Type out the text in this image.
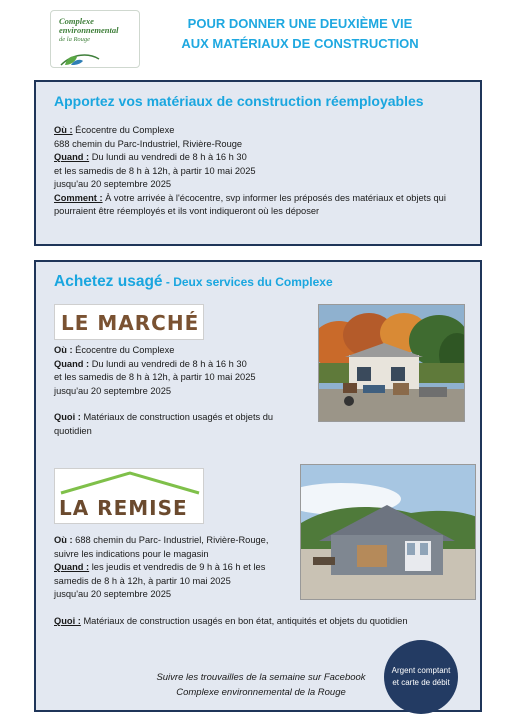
Complexe
environnemental
de la Rouge
POUR DONNER UNE DEUXIÈME VIE
AUX MATÉRIAUX DE CONSTRUCTION
Apportez vos matériaux de construction réemployables
Où : Écocentre du Complexe
688 chemin du Parc-Industriel, Rivière-Rouge
Quand : Du lundi au vendredi de 8 h à 16 h 30
et les samedis de 8 h à 12h, à partir 10 mai 2025
jusqu'au 20 septembre 2025
Comment : À votre arrivée à l'écocentre, svp informer les préposés des matériaux et objets qui pourraient être réemployés et ils vont indiqueront où les déposer
Achetez usagé - Deux services du Complexe
LE MARCHÉ
Où : Écocentre du Complexe
Quand : Du lundi au vendredi de 8 h à 16 h 30
et les samedis de 8 h à 12h, à partir 10 mai 2025
jusqu'au 20 septembre 2025
Quoi : Matériaux de construction usagés et objets du quotidien
LA REMISE
Où : 688 chemin du Parc- Industriel, Rivière-Rouge, suivre les indications pour le magasin
Quand : les jeudis et vendredis de 9 h à 16 h et les samedis de 8 h à 12h, à partir 10 mai 2025
jusqu'au 20 septembre 2025
Quoi : Matériaux de construction usagés en bon état, antiquités et objets du quotidien
Suivre les trouvailles de la semaine sur Facebook
Complexe environnemental de la Rouge
Argent comptant et carte de débit
